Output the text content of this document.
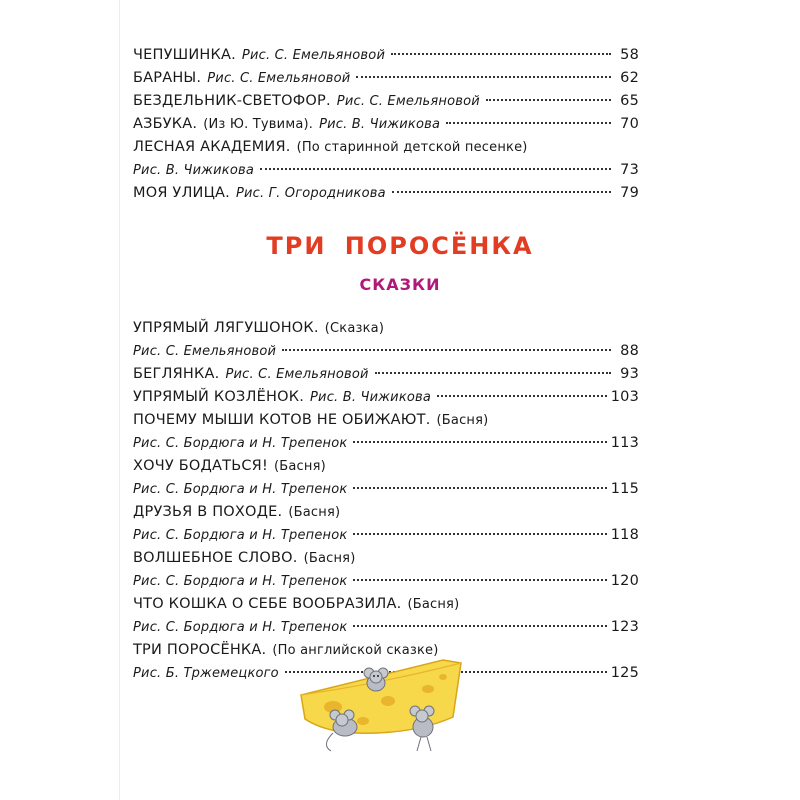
ЧЕПУШИНКА. Рис. С. Емельяновой	58
БАРАНЫ. Рис. С. Емельяновой	62
БЕЗДЕЛЬНИК-СВЕТОФОР. Рис. С. Емельяновой	65
АЗБУКА. (Из Ю. Тувима). Рис. В. Чижикова	70
ЛЕСНАЯ АКАДЕМИЯ. (По старинной детской песенке)
Рис. В. Чижикова	73
МОЯ УЛИЦА. Рис. Г. Огородникова	79
ТРИ ПОРОСЁНКА
СКАЗКИ
УПРЯМЫЙ ЛЯГУШОНОК. (Сказка)
Рис. С. Емельяновой	88
БЕГЛЯНКА. Рис. С. Емельяновой	93
УПРЯМЫЙ КОЗЛЁНОК. Рис. В. Чижикова	103
ПОЧЕМУ МЫШИ КОТОВ НЕ ОБИЖАЮТ. (Басня)
Рис. С. Бордюга и Н. Трепенок	113
ХОЧУ БОДАТЬСЯ! (Басня)
Рис. С. Бордюга и Н. Трепенок	115
ДРУЗЬЯ В ПОХОДЕ. (Басня)
Рис. С. Бордюга и Н. Трепенок	118
ВОЛШЕБНОЕ СЛОВО. (Басня)
Рис. С. Бордюга и Н. Трепенок	120
ЧТО КОШКА О СЕБЕ ВООБРАЗИЛА. (Басня)
Рис. С. Бордюга и Н. Трепенок	123
ТРИ ПОРОСЁНКА. (По английской сказке)
Рис. Б. Тржемецкого	125
